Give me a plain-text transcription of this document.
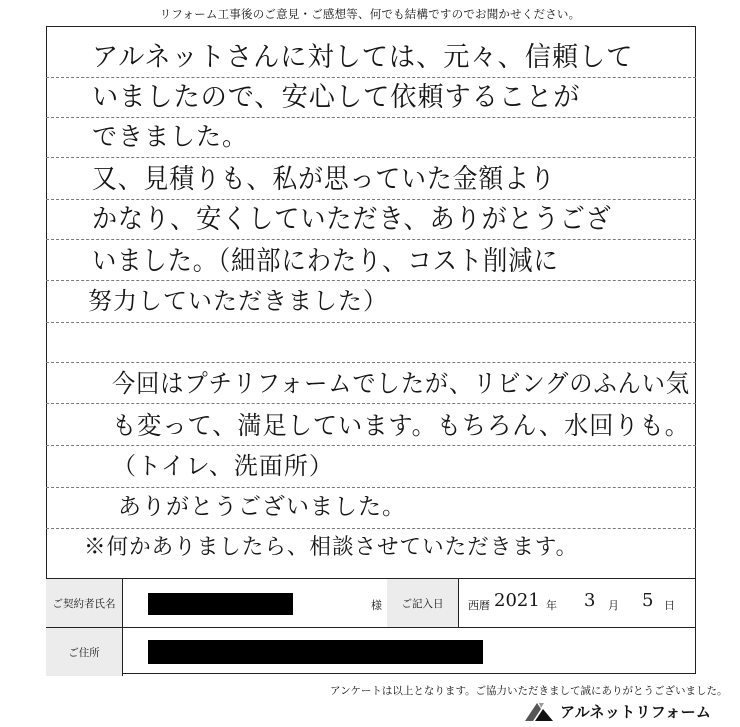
リフォーム工事後のご意見・ご感想等、何でも結構ですのでお聞かせください。
アルネットさんに対しては、元々、信頼して
いましたので、安心して依頼することが
できました。
又、見積りも、私が思っていた金額より
かなり、安くしていただき、ありがとうござ
いました。（細部にわたり、コスト削減に
努力していただきました）
今回はプチリフォームでしたが、リビングのふんい気
も変って、満足しています。もちろん、水回りも。
（トイレ、洗面所）
ありがとうございました。
※何かありましたら、相談させていただきます。
ご契約者氏名	様	ご記入日	西暦 2021 年 3 月 5 日
ご住所
アンケートは以上となります。ご協力いただきまして誠にありがとうございました。
アルネットリフォーム
